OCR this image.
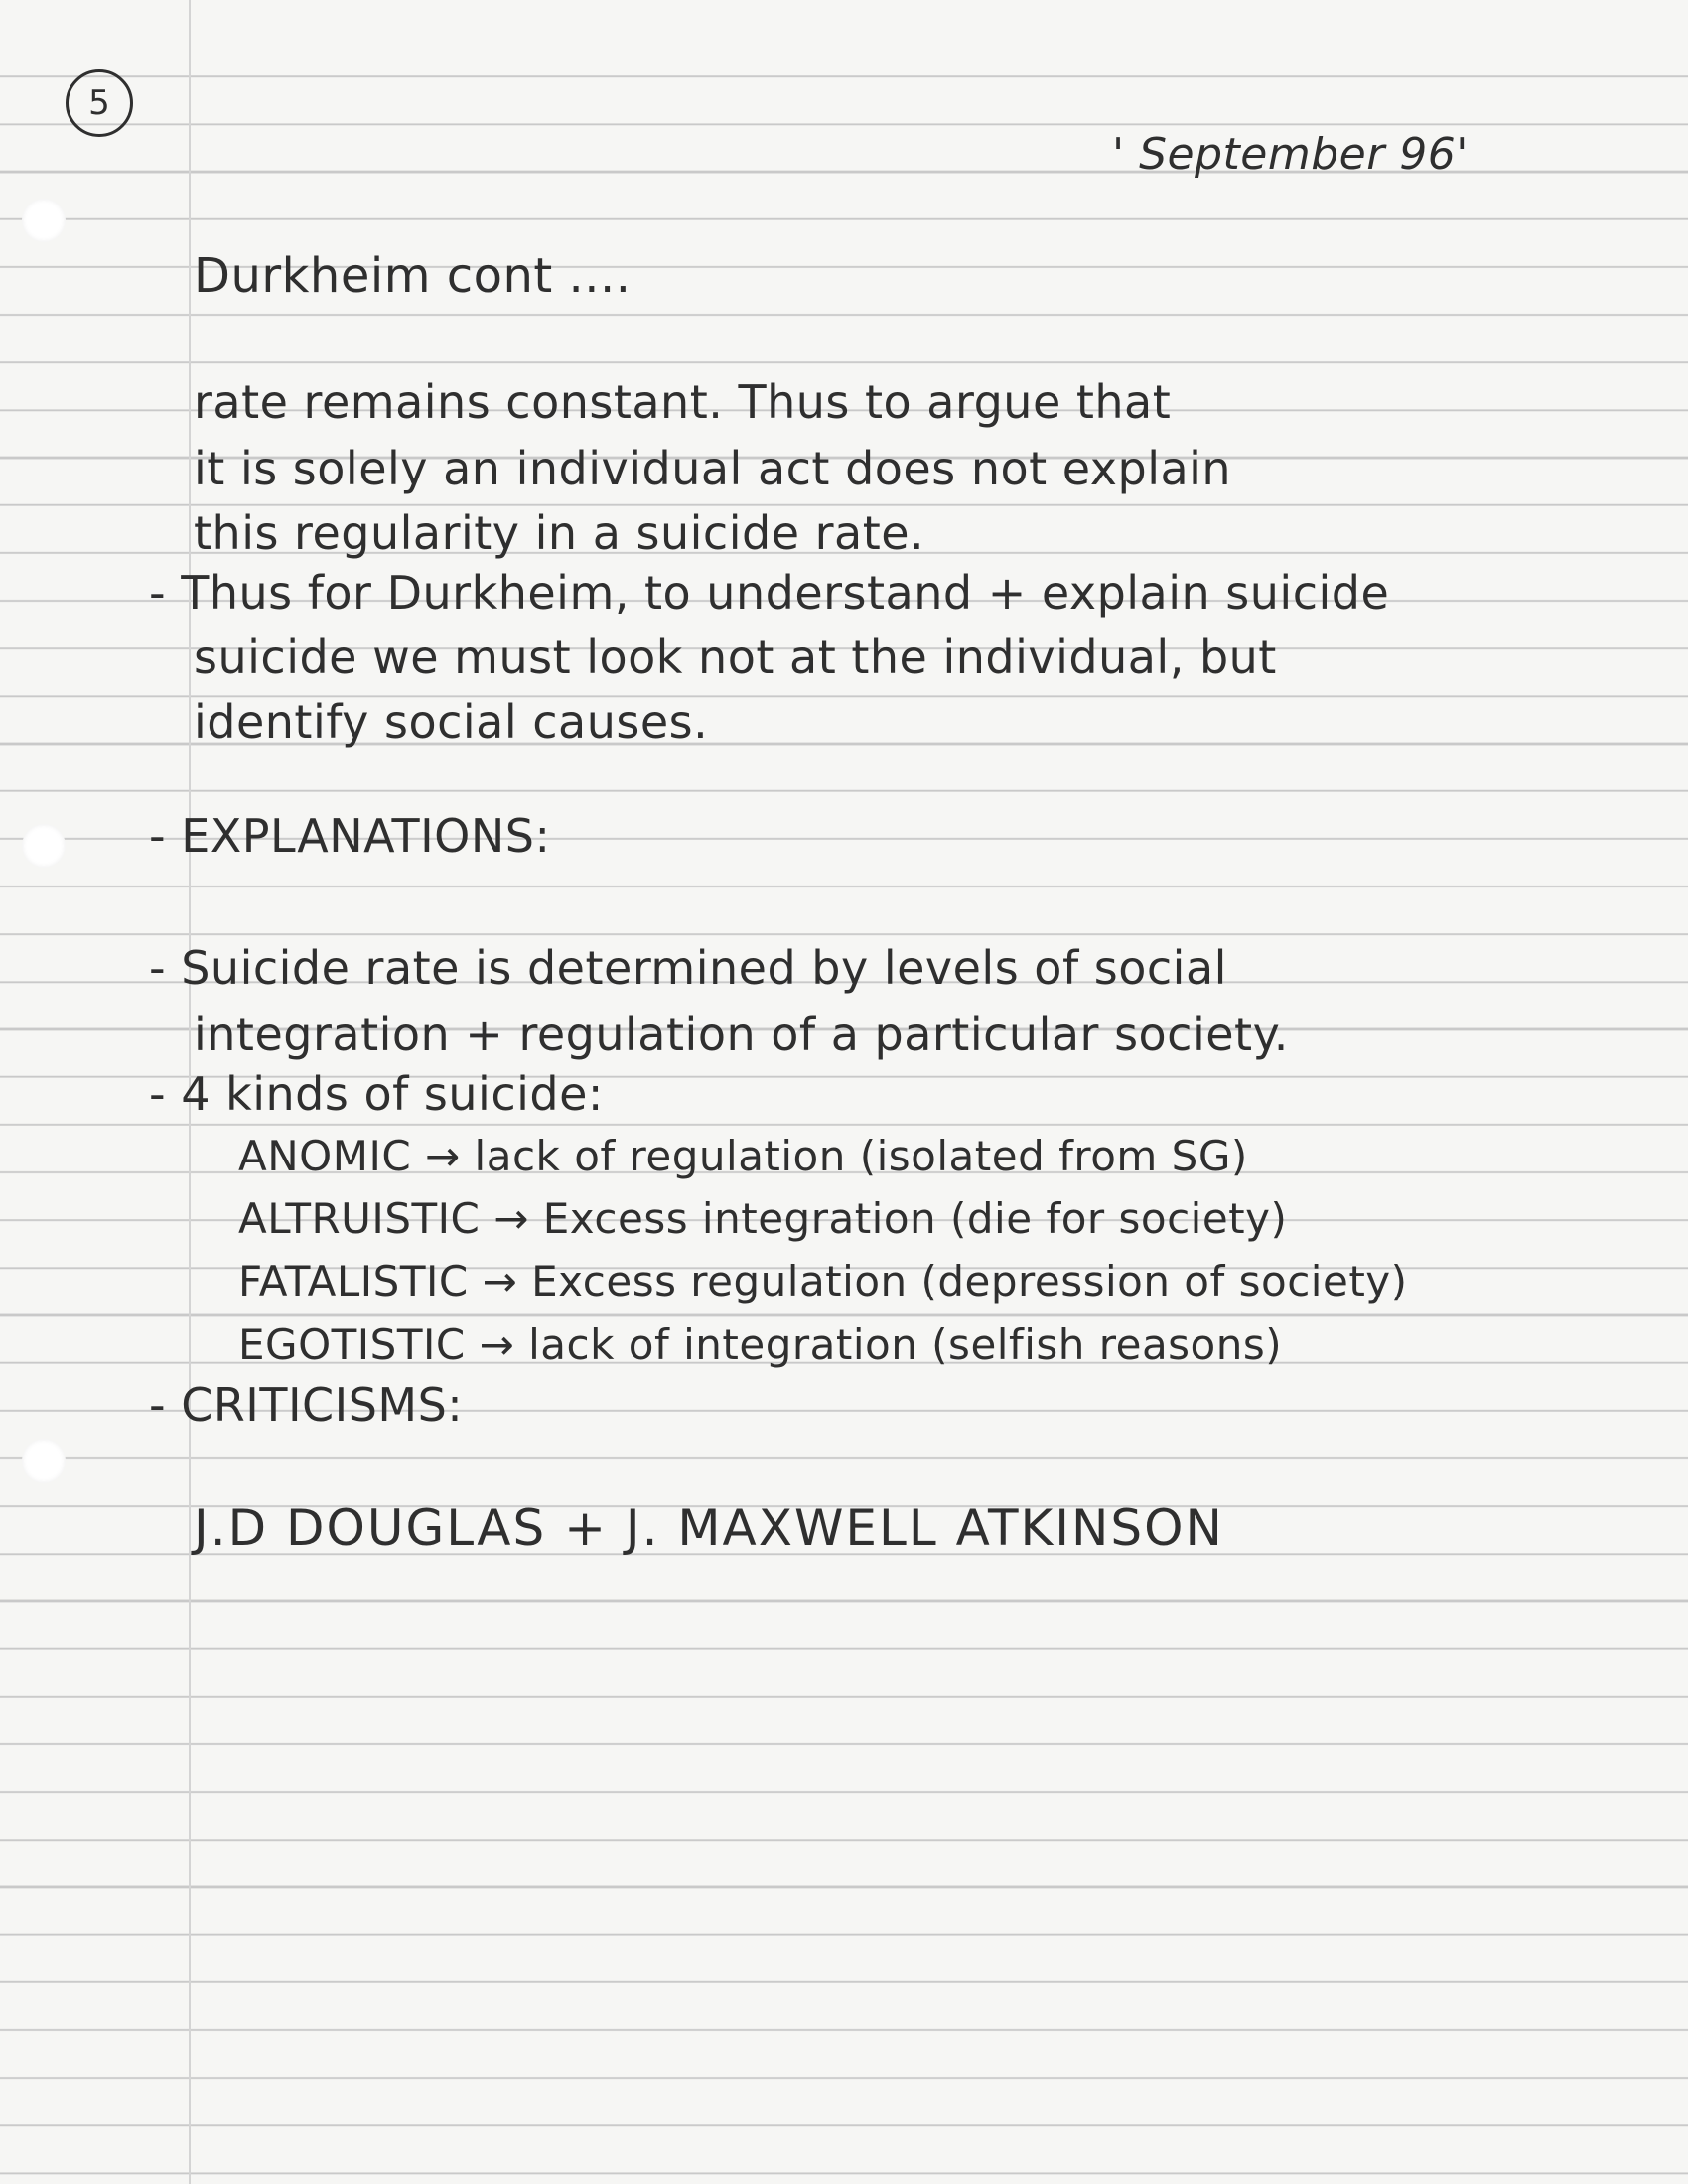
5
' September 96'
Durkheim cont ....
rate remains constant. Thus to argue that
it is solely an individual act does not explain
this regularity in a suicide rate.
- Thus for Durkheim, to understand + explain suicide
suicide we must look not at the individual, but
identify social causes.
- EXPLANATIONS:
- Suicide rate is determined by levels of social
integration + regulation of a particular society.
- 4 kinds of suicide:
ANOMIC → lack of regulation (isolated from SG)
ALTRUISTIC → Excess integration (die for society)
FATALISTIC → Excess regulation (depression of society)
EGOTISTIC → lack of integration (selfish reasons)
- CRITICISMS:
J.D DOUGLAS + J. MAXWELL ATKINSON
